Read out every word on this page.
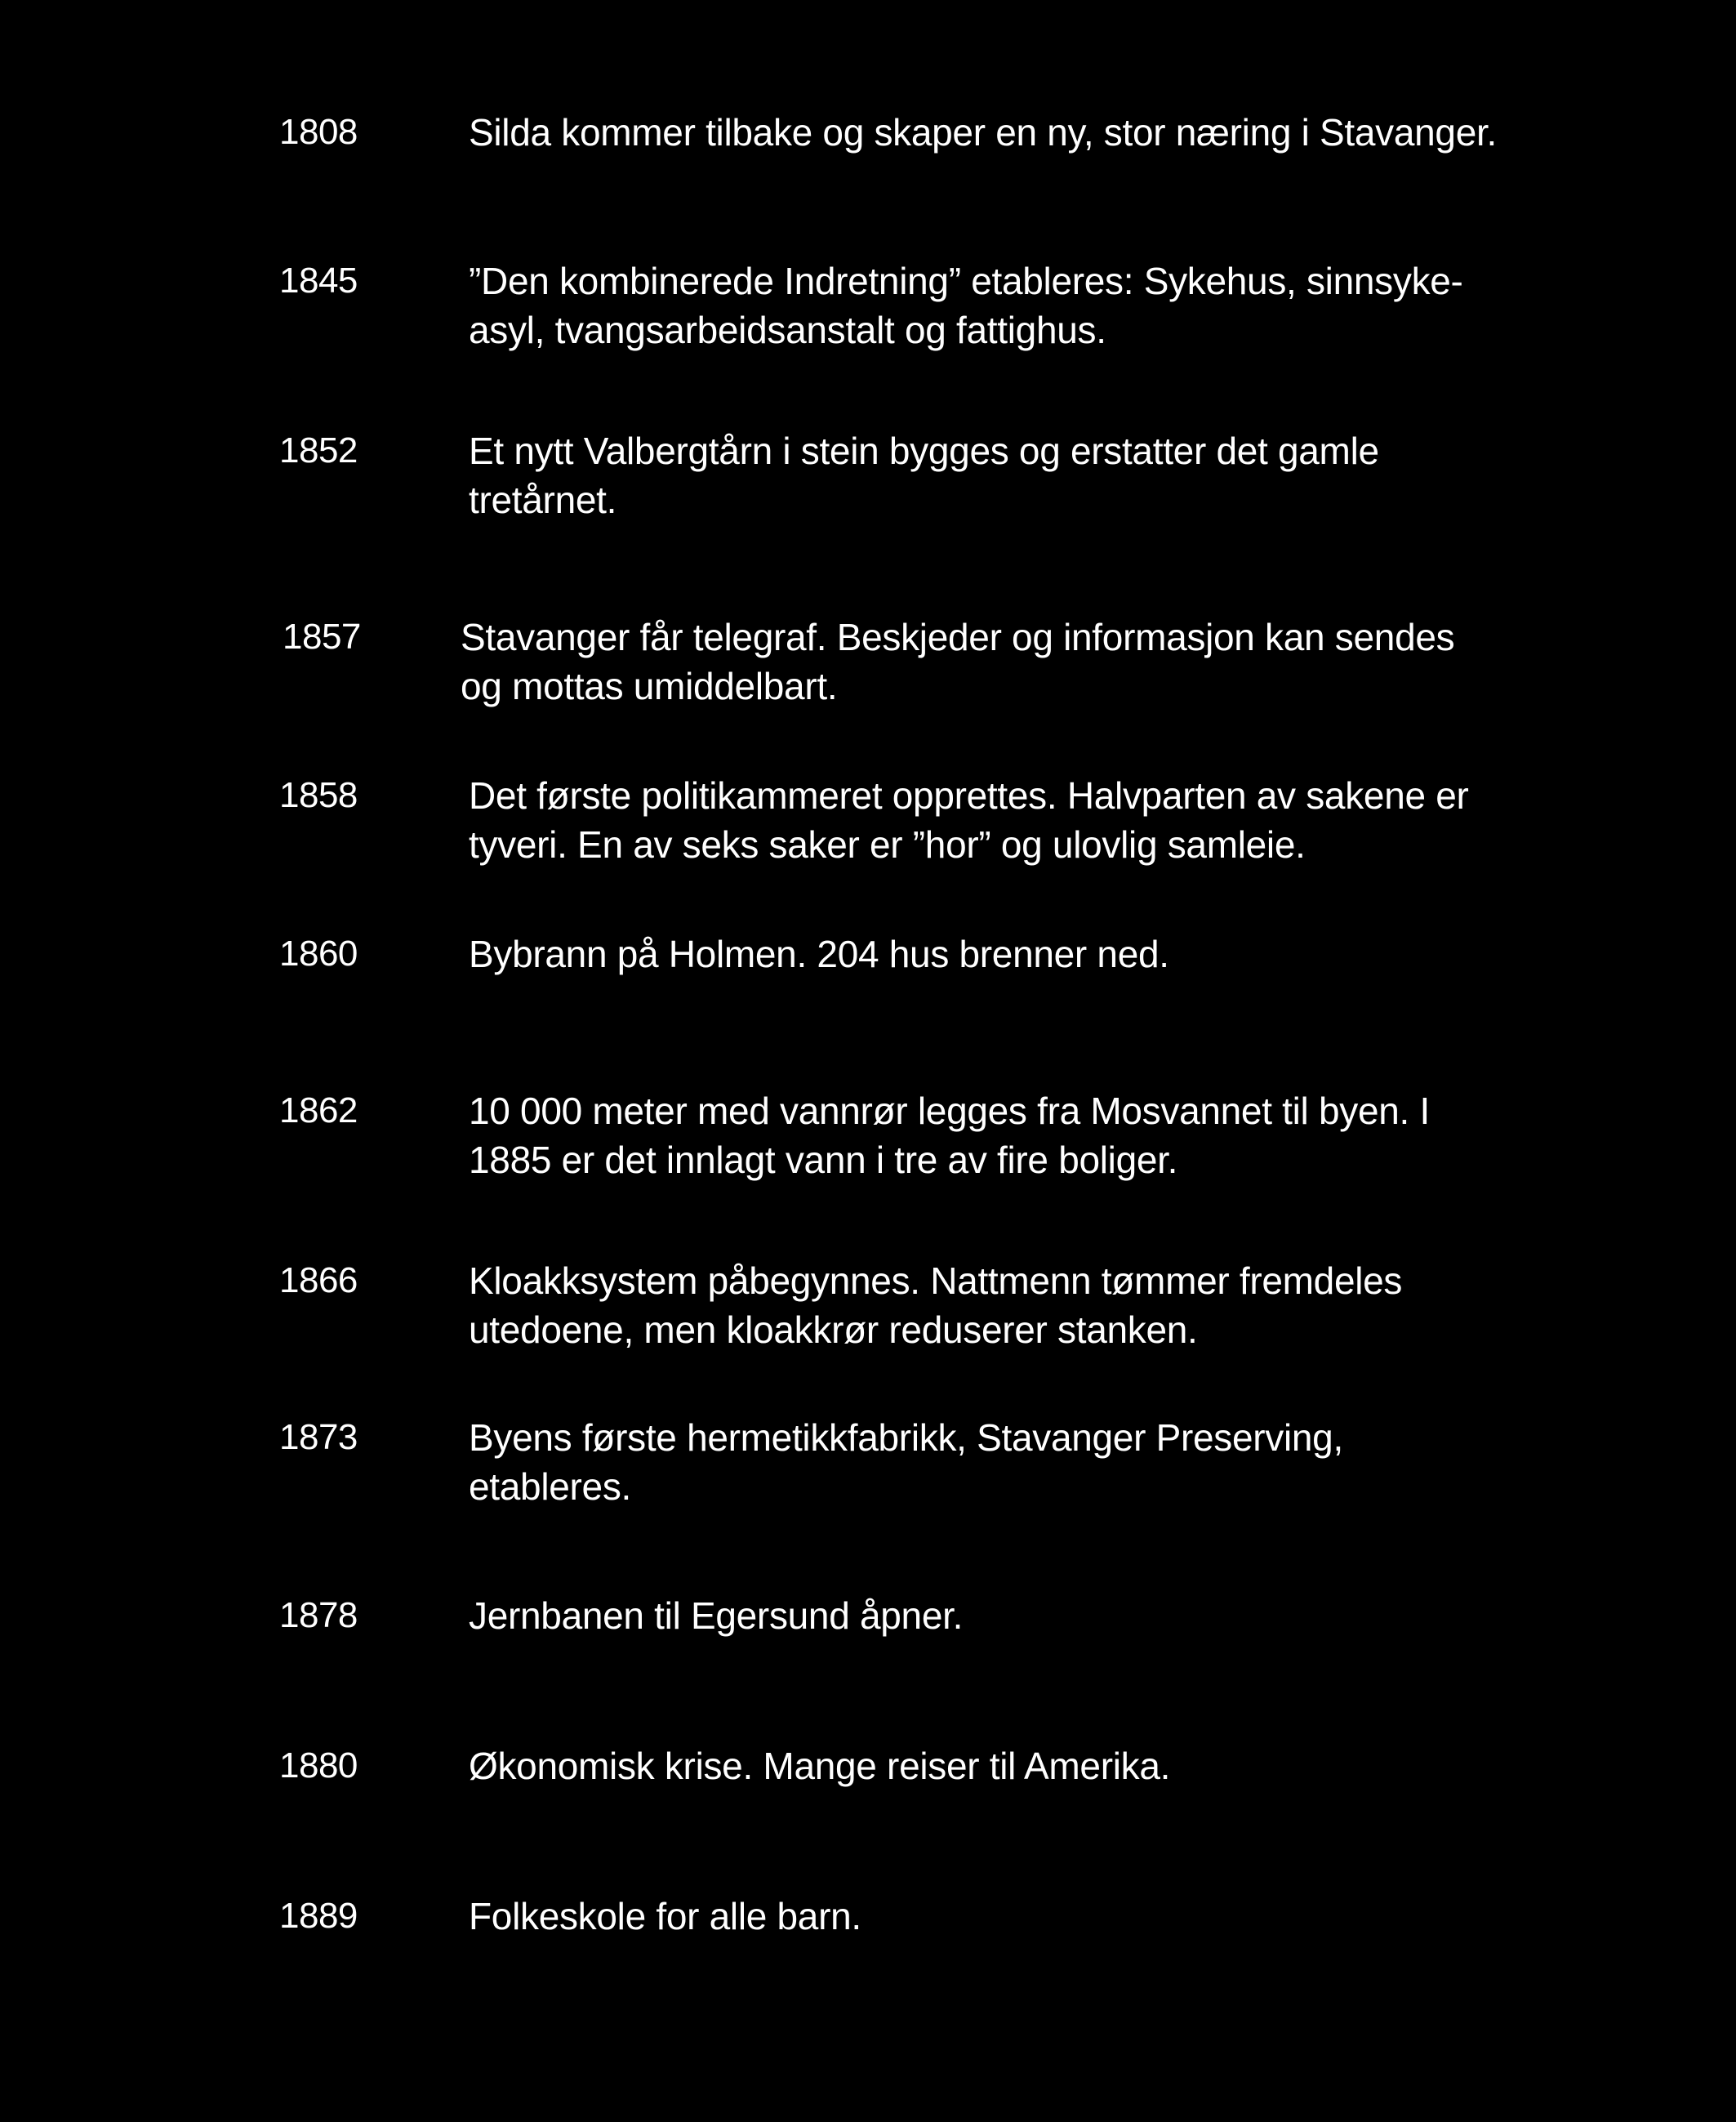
1808	Silda kommer tilbake og skaper en ny, stor næring i Stavanger.
1845	”Den kombinerede Indretning” etableres: Sykehus, sinnsyke-asyl, tvangsarbeidsanstalt og fattighus.
1852	Et nytt Valbergtårn i stein bygges og erstatter det gamle tretårnet.
1857	Stavanger får telegraf. Beskjeder og informasjon kan sendes og mottas umiddelbart.
1858	Det første politikammeret opprettes. Halvparten av sakene er tyveri. En av seks saker er ”hor” og ulovlig samleie.
1860	Bybrann på Holmen. 204 hus brenner ned.
1862	10 000 meter med vannrør legges fra Mosvannet til byen. I 1885 er det innlagt vann i tre av fire boliger.
1866	Kloakksystem påbegynnes. Nattmenn tømmer fremdeles utedoene, men kloakkrør reduserer stanken.
1873	Byens første hermetikkfabrikk, Stavanger Preserving, etableres.
1878	Jernbanen til Egersund åpner.
1880	Økonomisk krise. Mange reiser til Amerika.
1889	Folkeskole for alle barn.
